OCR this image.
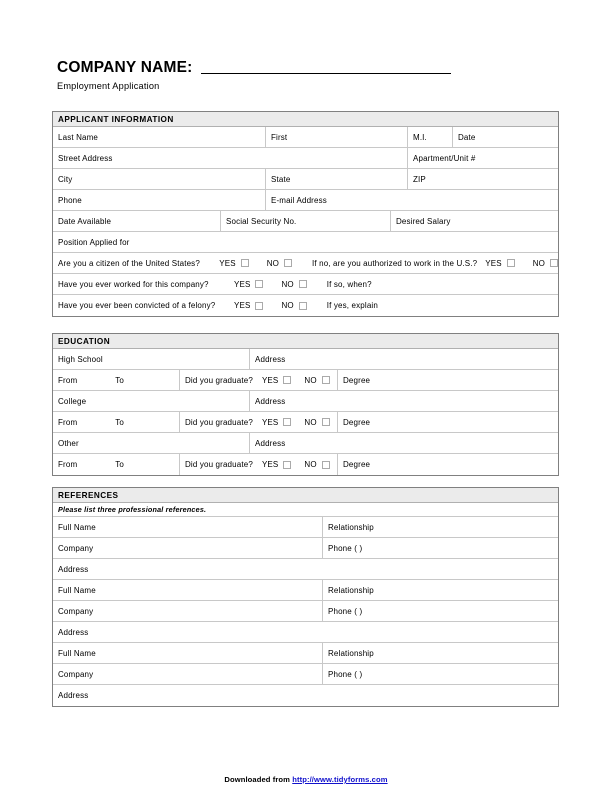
COMPANY NAME:
Employment Application
APPLICANT INFORMATION
Last Name	First	M.I.	Date
Street Address	Apartment/Unit #
City	State	ZIP
Phone	E-mail Address
Date Available	Social Security No.	Desired Salary
Position Applied for
Are you a citizen of the United States?	YES	NO	If no, are you authorized to work in the U.S.? YES	NO
Have you ever worked for this company?	YES	NO	If so, when?
Have you ever been convicted of a felony?	YES	NO	If yes, explain
EDUCATION
High School	Address
From	To	Did you graduate? YES	NO	Degree
College	Address
From	To	Did you graduate? YES	NO	Degree
Other	Address
From	To	Did you graduate? YES	NO	Degree
REFERENCES
Please list three professional references.
Full Name	Relationship
Company	Phone ( )
Address
Full Name	Relationship
Company	Phone ( )
Address
Full Name	Relationship
Company	Phone ( )
Address
Downloaded from http://www.tidyforms.com
